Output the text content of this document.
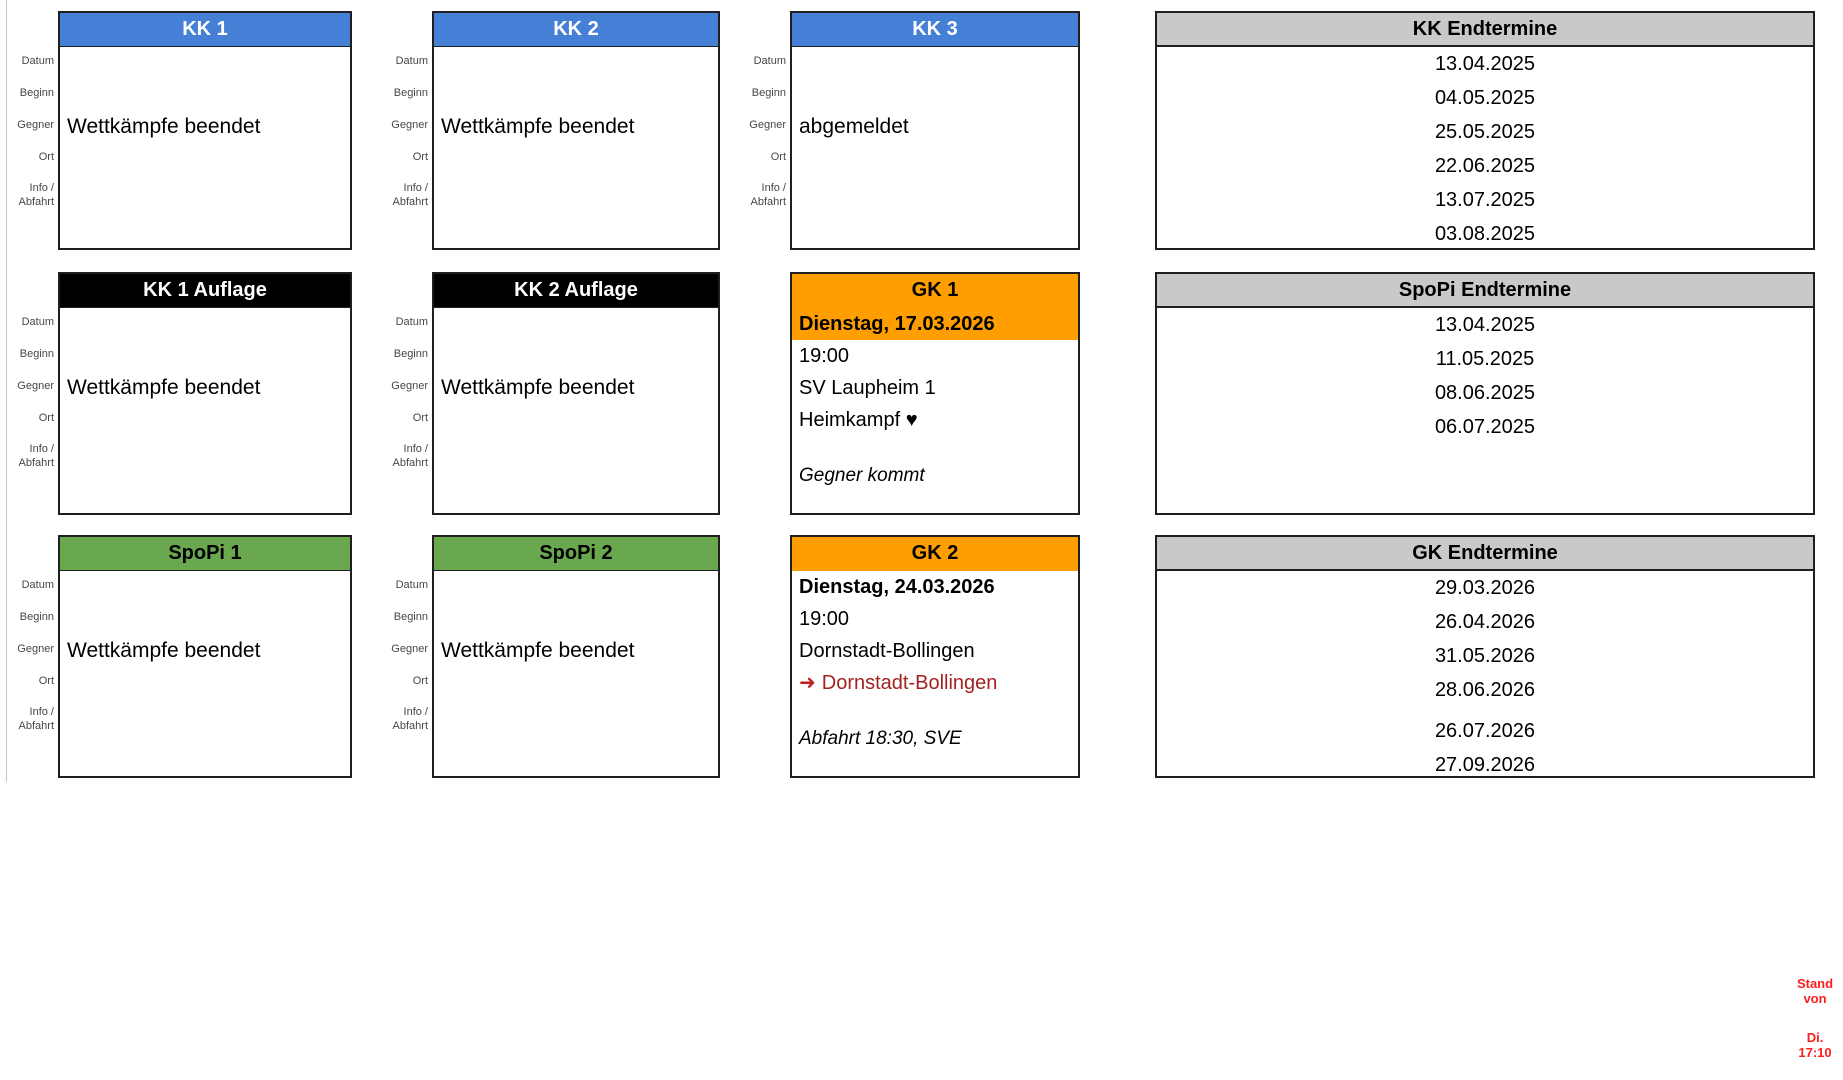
Datum
Beginn
Gegner
Ort
Info /
Abfahrt
KK 1
Wettkämpfe beendet
Datum
Beginn
Gegner
Ort
Info /
Abfahrt
KK 2
Wettkämpfe beendet
Datum
Beginn
Gegner
Ort
Info /
Abfahrt
KK 3
abgemeldet
KK Endtermine
13.04.2025
04.05.2025
25.05.2025
22.06.2025
13.07.2025
03.08.2025
Datum
Beginn
Gegner
Ort
Info /
Abfahrt
KK 1 Auflage
Wettkämpfe beendet
Datum
Beginn
Gegner
Ort
Info /
Abfahrt
KK 2 Auflage
Wettkämpfe beendet
GK 1
Dienstag, 17.03.2026
19:00
SV Laupheim 1
Heimkampf ♥
Gegner kommt
SpoPi Endtermine
13.04.2025
11.05.2025
08.06.2025
06.07.2025
Datum
Beginn
Gegner
Ort
Info /
Abfahrt
SpoPi 1
Wettkämpfe beendet
Datum
Beginn
Gegner
Ort
Info /
Abfahrt
SpoPi 2
Wettkämpfe beendet
GK 2
Dienstag, 24.03.2026
19:00
Dornstadt-Bollingen
➜ Dornstadt-Bollingen
Abfahrt 18:30, SVE
GK Endtermine
29.03.2026
26.04.2026
31.05.2026
28.06.2026
26.07.2026
27.09.2026
Stand
von
Di.
17:10
